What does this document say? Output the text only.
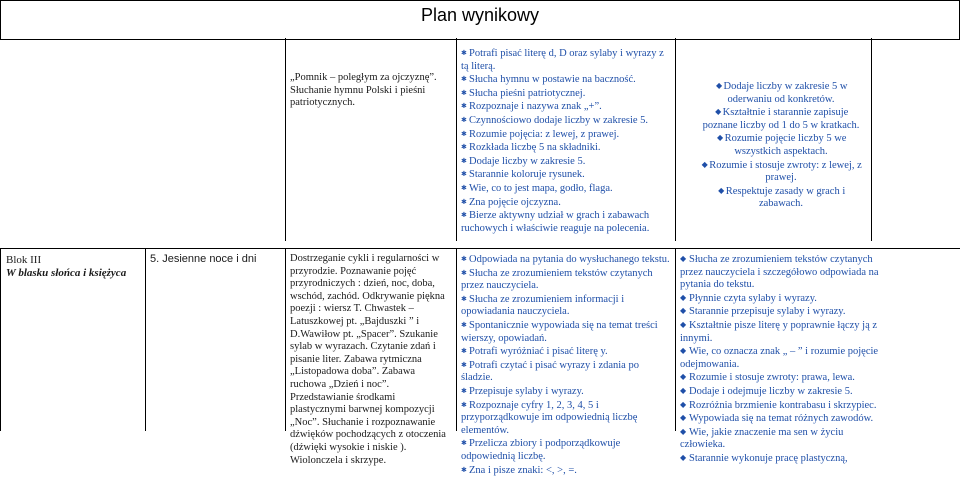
Plan wynikowy
„Pomnik – poległym za ojczyznę”. Słuchanie hymnu Polski i pieśni patriotycznych.
✱ Potrafi pisać literę d, D oraz sylaby i wyrazy z tą literą.
✱ Słucha hymnu w postawie na baczność.
✱ Słucha pieśni patriotycznej.
✱ Rozpoznaje i nazywa znak „+”.
✱ Czynnościowo dodaje liczby w zakresie 5.
✱ Rozumie pojęcia: z lewej, z prawej.
✱ Rozkłada liczbę 5 na składniki.
✱ Dodaje liczby w zakresie 5.
✱ Starannie koloruje rysunek.
✱ Wie, co to jest mapa, godło, flaga.
✱ Zna pojęcie ojczyzna.
✱ Bierze aktywny udział w grach i zabawach ruchowych i właściwie reaguje na polecenia.
◆Dodaje liczby w zakresie 5 w oderwaniu od konkretów.
◆Kształtnie i starannie zapisuje poznane liczby od 1 do 5 w kratkach.
◆Rozumie pojęcie liczby 5 we wszystkich aspektach.
◆Rozumie i stosuje zwroty: z lewej, z prawej.
◆Respektuje zasady w grach i zabawach.
Blok III
W blasku słońca i księżyca
5. Jesienne noce i dni	Dostrzeganie cykli i regularności w przyrodzie. Poznawanie pojęć przyrodniczych : dzień, noc, doba, wschód, zachód. Odkrywanie piękna poezji : wiersz T. Chwastek – Latuszkowej pt. „Bajduszki ” i D.Wawiłow pt. „Spacer”. Szukanie sylab w wyrazach. Czytanie zdań i pisanie liter. Zabawa rytmiczna „Listopadowa doba”. Zabawa ruchowa „Dzień i noc”. Przedstawianie środkami plastycznymi barwnej kompozycji „Noc”. Słuchanie i rozpoznawanie dźwięków pochodzących z otoczenia (dźwięki wysokie i niskie ). Wiolonczela i skrzype.
✱ Odpowiada na pytania do wysłuchanego tekstu.
✱ Słucha ze zrozumieniem tekstów czytanych przez nauczyciela.
✱ Słucha ze zrozumieniem informacji i opowiadania nauczyciela.
✱ Spontanicznie wypowiada się na temat treści wierszy, opowiadań.
✱ Potrafi wyróżniać i pisać literę y.
✱ Potrafi czytać i pisać wyrazy i zdania po śladzie.
✱ Przepisuje sylaby i wyrazy.
✱ Rozpoznaje cyfry 1, 2, 3, 4, 5 i przyporządkowuje im odpowiednią liczbę elementów.
✱ Przelicza zbiory i podporządkowuje odpowiednią liczbę.
✱ Zna i pisze znaki: <, >, =.
◆ Słucha ze zrozumieniem tekstów czytanych przez nauczyciela i szczegółowo odpowiada na pytania do tekstu.
◆ Płynnie czyta sylaby i wyrazy.
◆ Starannie przepisuje sylaby i wyrazy.
◆ Kształtnie pisze literę y poprawnie łączy ją z innymi.
◆ Wie, co oznacza znak „ – ” i rozumie pojęcie odejmowania.
◆ Rozumie i stosuje zwroty: prawa, lewa.
◆ Dodaje i odejmuje liczby w zakresie 5.
◆ Rozróżnia brzmienie kontrabasu i skrzypiec.
◆ Wypowiada się na temat różnych zawodów.
◆ Wie, jakie znaczenie ma sen w życiu człowieka.
◆ Starannie wykonuje pracę plastyczną,
